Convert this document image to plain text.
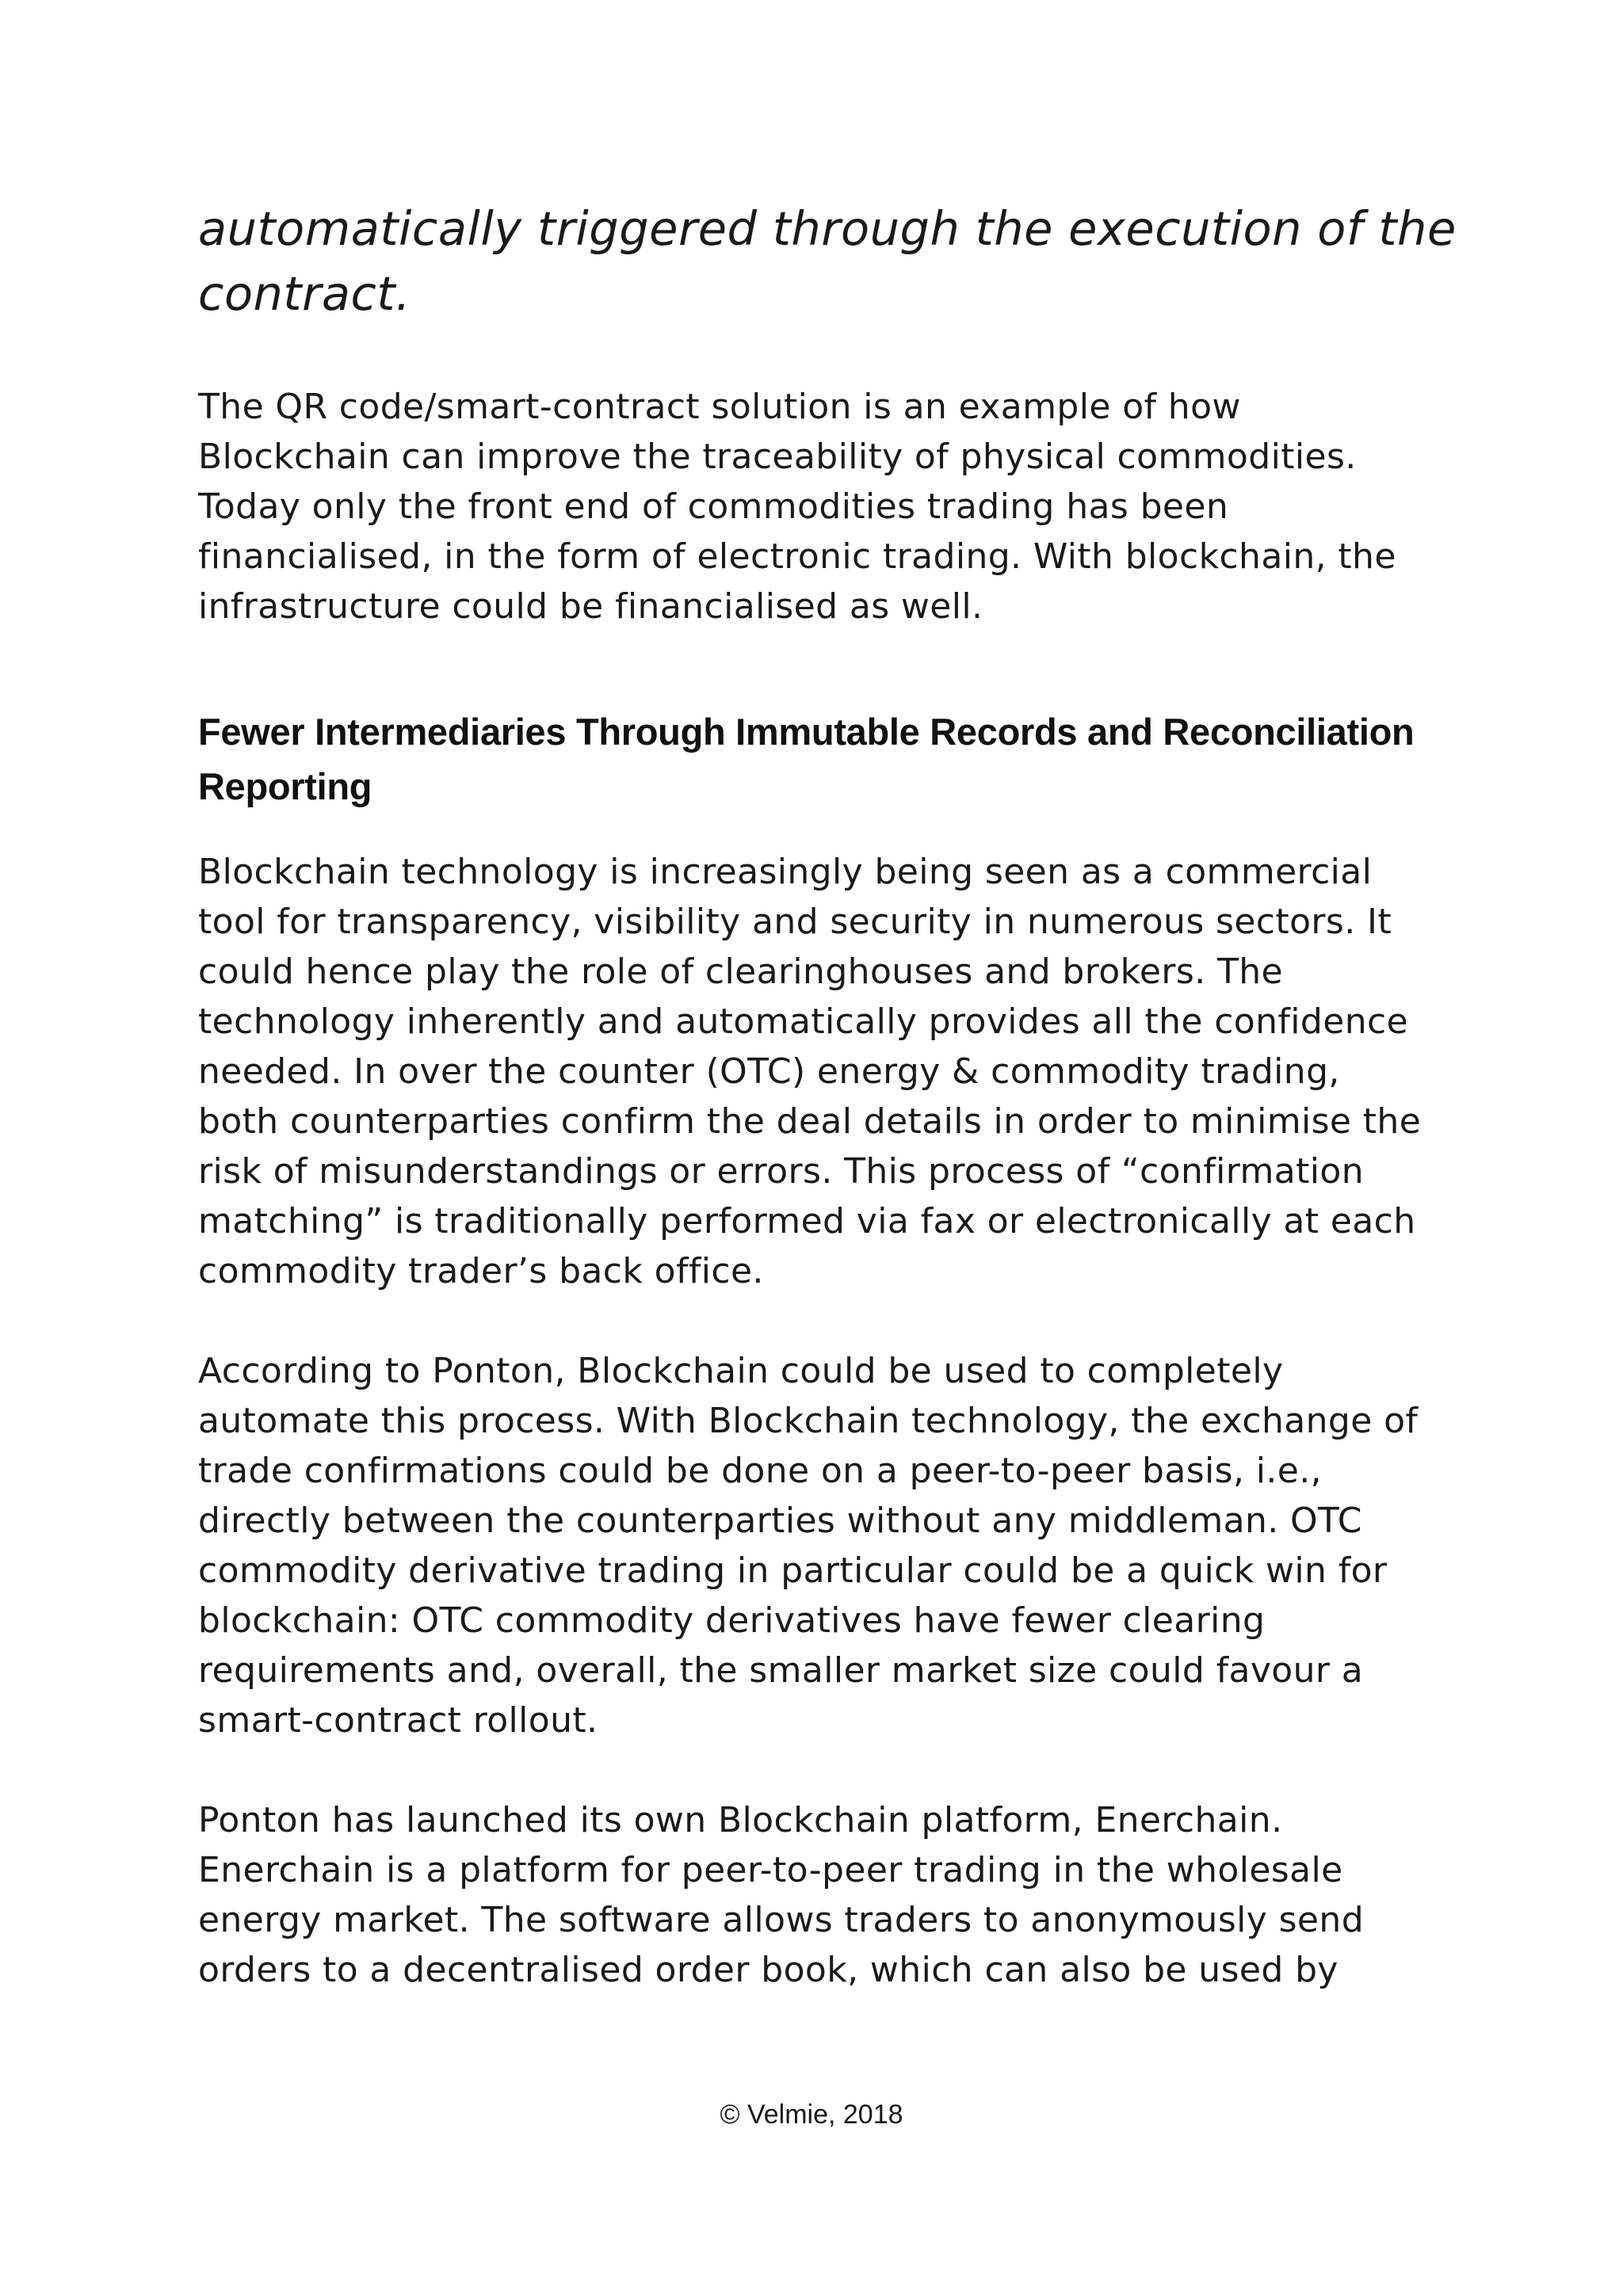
automatically triggered through the execution of the
contract.

The QR code/smart-contract solution is an example of how
Blockchain can improve the traceability of physical commodities.
Today only the front end of commodities trading has been
financialised, in the form of electronic trading. With blockchain, the
infrastructure could be financialised as well.

Fewer Intermediaries Through Immutable Records and Reconciliation
Reporting

Blockchain technology is increasingly being seen as a commercial
tool for transparency, visibility and security in numerous sectors. It
could hence play the role of clearinghouses and brokers. The
technology inherently and automatically provides all the confidence
needed. In over the counter (OTC) energy & commodity trading,
both counterparties confirm the deal details in order to minimise the
risk of misunderstandings or errors. This process of “confirmation
matching” is traditionally performed via fax or electronically at each
commodity trader’s back office.

According to Ponton, Blockchain could be used to completely
automate this process. With Blockchain technology, the exchange of
trade confirmations could be done on a peer-to-peer basis, i.e.,
directly between the counterparties without any middleman. OTC
commodity derivative trading in particular could be a quick win for
blockchain: OTC commodity derivatives have fewer clearing
requirements and, overall, the smaller market size could favour a
smart-contract rollout.

Ponton has launched its own Blockchain platform, Enerchain.
Enerchain is a platform for peer-to-peer trading in the wholesale
energy market. The software allows traders to anonymously send
orders to a decentralised order book, which can also be used by

© Velmie, 2018
